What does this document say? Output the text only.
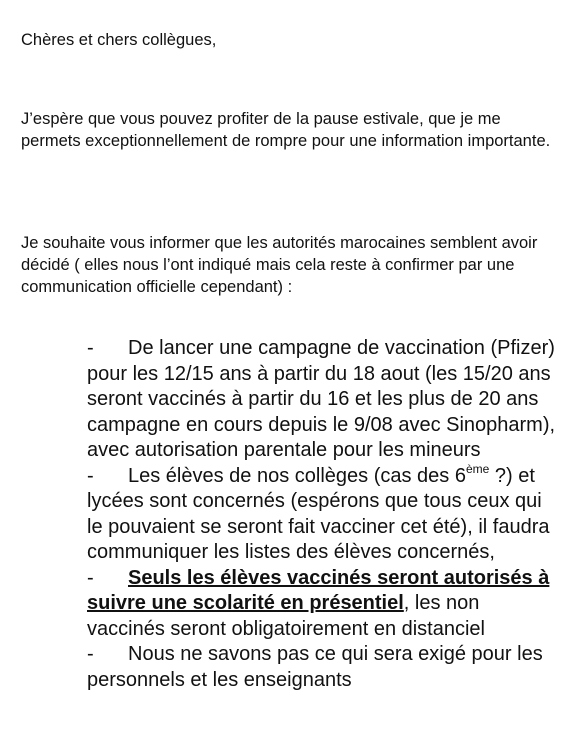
Chères et chers collègues,

J’espère que vous pouvez profiter de la pause estivale, que je me permets exceptionnellement de rompre pour une information importante.

Je souhaite vous informer que les autorités marocaines semblent avoir décidé ( elles nous l’ont indiqué mais cela reste à confirmer par une communication officielle cependant) :

- De lancer une campagne de vaccination (Pfizer) pour les 12/15 ans à partir du 18 aout (les 15/20 ans seront vaccinés à partir du 16 et les plus de 20 ans campagne en cours depuis le 9/08 avec Sinopharm), avec autorisation parentale pour les mineurs
- Les élèves de nos collèges (cas des 6ème ?) et lycées sont concernés (espérons que tous ceux qui le pouvaient se seront fait vacciner cet été), il faudra communiquer les listes des élèves concernés,
- Seuls les élèves vaccinés seront autorisés à suivre une scolarité en présentiel, les non vaccinés seront obligatoirement en distanciel
- Nous ne savons pas ce qui sera exigé pour les personnels et les enseignants
